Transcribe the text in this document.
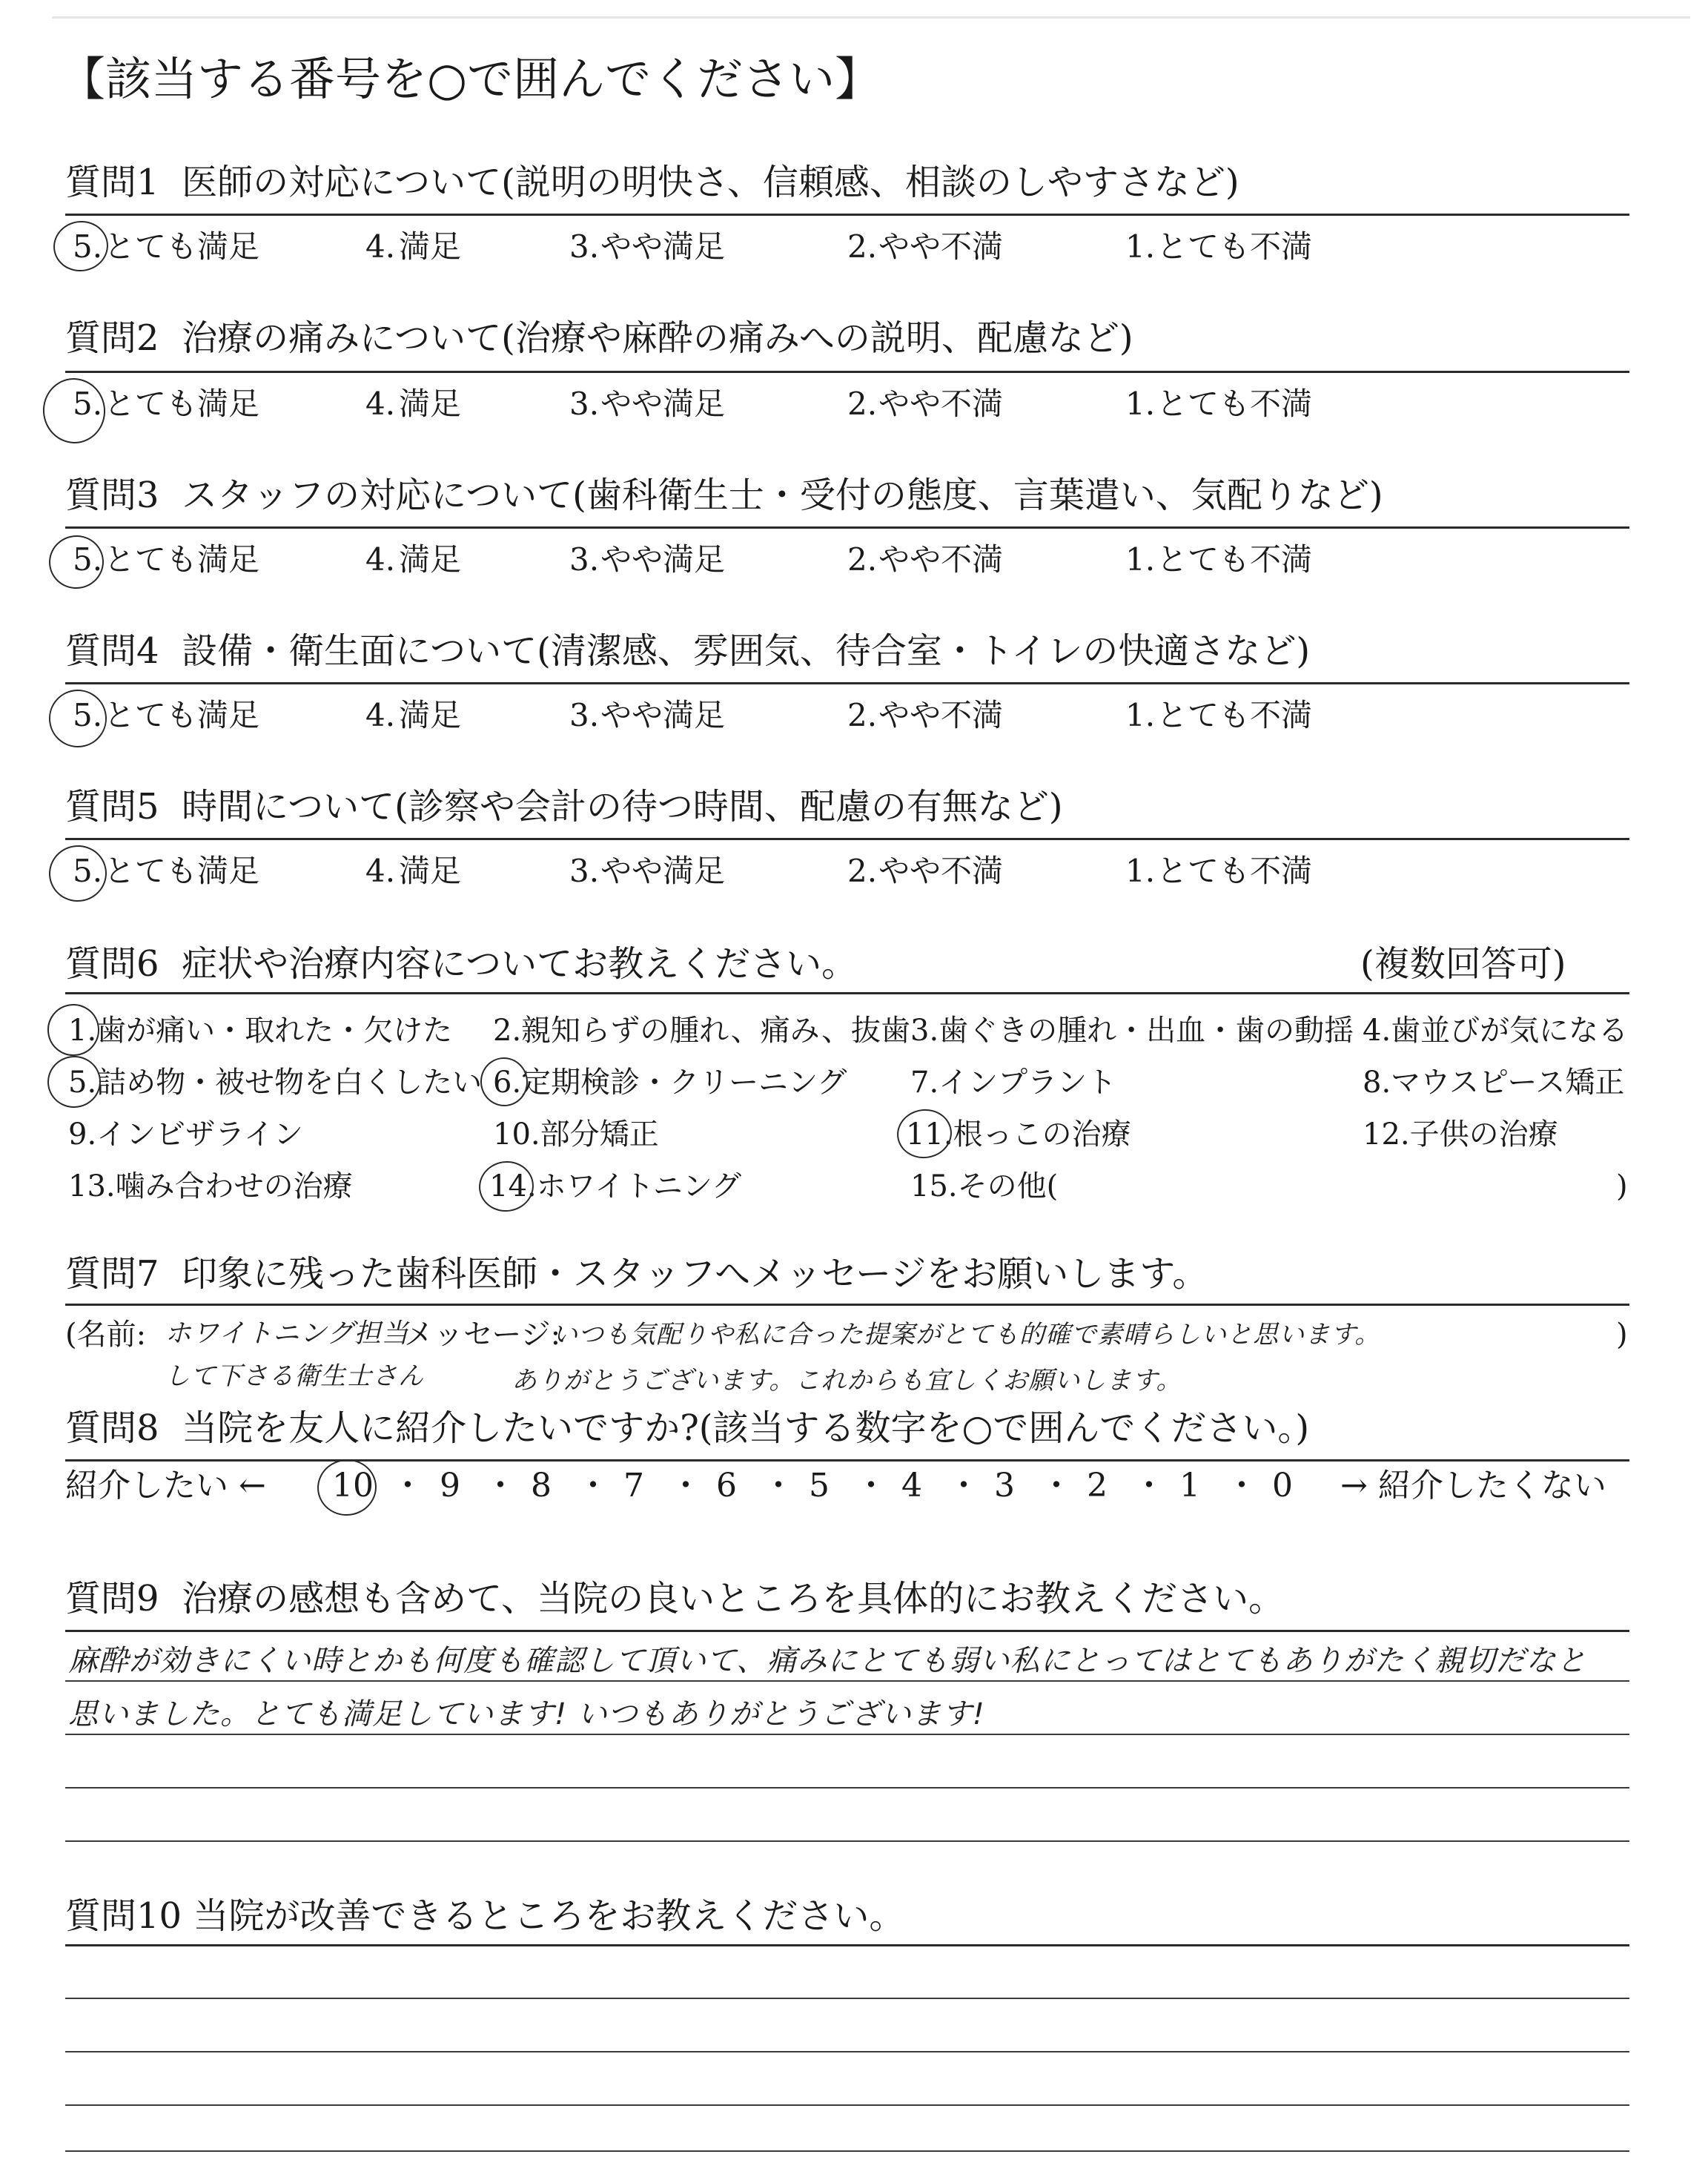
【該当する番号を○で囲んでください】
質問1 医師の対応について(説明の明快さ、信頼感、相談のしやすさなど)
5. とても満足	4. 満足	3. やや満足	2. やや不満	1. とても不満
質問2 治療の痛みについて(治療や麻酔の痛みへの説明、配慮など)
5. とても満足	4. 満足	3. やや満足	2. やや不満	1. とても不満
質問3 スタッフの対応について(歯科衛生士・受付の態度、言葉遣い、気配りなど)
5. とても満足	4. 満足	3. やや満足	2. やや不満	1. とても不満
質問4 設備・衛生面について(清潔感、雰囲気、待合室・トイレの快適さなど)
5. とても満足	4. 満足	3. やや満足	2. やや不満	1. とても不満
質問5 時間について(診察や会計の待つ時間、配慮の有無など)
5. とても満足	4. 満足	3. やや満足	2. やや不満	1. とても不満
質問6 症状や治療内容についてお教えください。	(複数回答可)
1.歯が痛い・取れた・欠けた 2.親知らずの腫れ、痛み、抜歯 3.歯ぐきの腫れ・出血・歯の動揺 4.歯並びが気になる
5.詰め物・被せ物を白くしたい 6.定期検診・クリーニング 7.インプラント	8.マウスピース矯正
9.インビザライン	10.部分矯正	11.根っこの治療	12.子供の治療
13.噛み合わせの治療	14.ホワイトニング	15.その他(	)
質問7 印象に残った歯科医師・スタッフへメッセージをお願いします。
(名前: ホワイトニング担当
して下さる衛生士さん
メッセージ:
いつも気配りや私に合った提案がとても的確で素晴らしいと思います。
ありがとうございます。これからも宜しくお願いします。
)
質問8 当院を友人に紹介したいですか?(該当する数字を○で囲んでください。)
紹介したい ← 10 ・ 9 ・ 8 ・ 7 ・ 6 ・ 5 ・ 4 ・ 3 ・ 2 ・ 1 ・ 0 → 紹介したくない
質問9 治療の感想も含めて、当院の良いところを具体的にお教えください。
麻酔が効きにくい時とかも何度も確認して頂いて、痛みにとても弱い私にとってはとてもありがたく親切だなと
思いました。とても満足しています! いつもありがとうございます!
質問10 当院が改善できるところをお教えください。
